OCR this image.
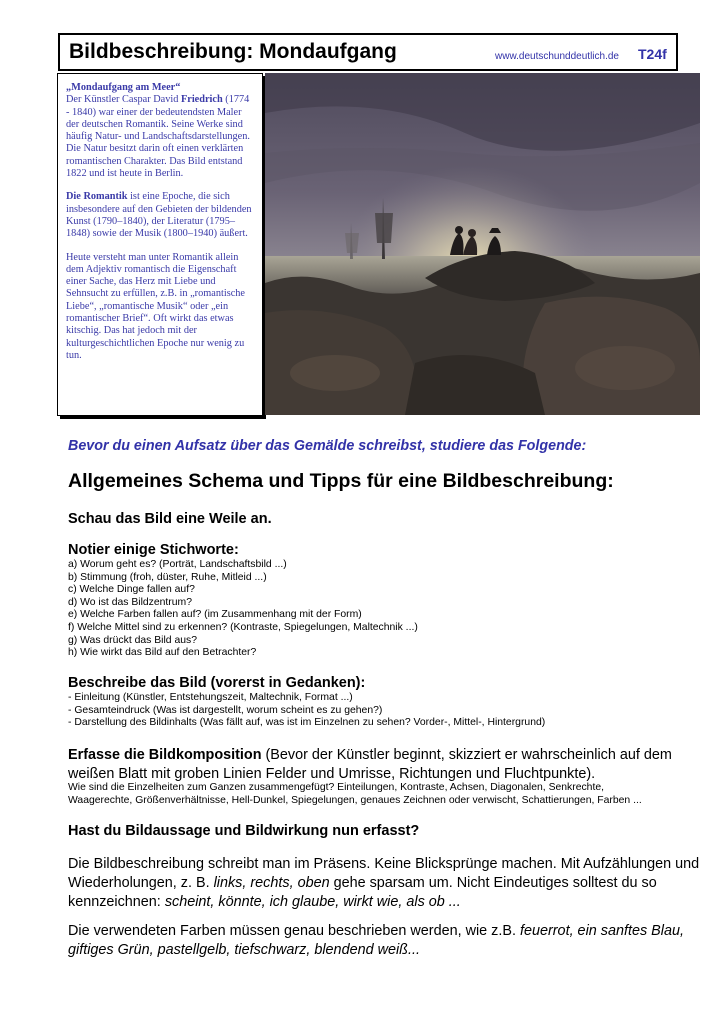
Bildbeschreibung: Mondaufgang	www.deutschunddeutlich.de T24f

„Mondaufgang am Meer“
Der Künstler Caspar David Friedrich (1774 - 1840) war einer der bedeutendsten Maler der deutschen Romantik. Seine Werke sind häufig Natur- und Landschaftsdarstellungen. Die Natur besitzt darin oft einen verklärten romantischen Charakter. Das Bild entstand 1822 und ist heute in Berlin.

Die Romantik ist eine Epoche, die sich insbesondere auf den Gebieten der bildenden Kunst (1790–1840), der Literatur (1795–1848) sowie der Musik (1800–1940) äußert.

Heute versteht man unter Romantik allein dem Adjektiv romantisch die Eigenschaft einer Sache, das Herz mit Liebe und Sehnsucht zu erfüllen, z.B. in „romantische Liebe“, „romantische Musik“ oder „ein romantischer Brief“. Oft wirkt das etwas kitschig. Das hat jedoch mit der kulturgeschichtlichen Epoche nur wenig zu tun.

Bevor du einen Aufsatz über das Gemälde schreibst, studiere das Folgende:
Allgemeines Schema und Tipps für eine Bildbeschreibung:
Schau das Bild eine Weile an.
Notier einige Stichworte:
a) Worum geht es? (Porträt, Landschaftsbild ...)
b) Stimmung (froh, düster, Ruhe, Mitleid ...)
c) Welche Dinge fallen auf?
d) Wo ist das Bildzentrum?
e) Welche Farben fallen auf? (im Zusammenhang mit der Form)
f) Welche Mittel sind zu erkennen? (Kontraste, Spiegelungen, Maltechnik ...)
g) Was drückt das Bild aus?
h) Wie wirkt das Bild auf den Betrachter?
Beschreibe das Bild (vorerst in Gedanken):
- Einleitung (Künstler, Entstehungszeit, Maltechnik, Format ...)
- Gesamteindruck (Was ist dargestellt, worum scheint es zu gehen?)
- Darstellung des Bildinhalts (Was fällt auf, was ist im Einzelnen zu sehen? Vorder-, Mittel-, Hintergrund)
Erfasse die Bildkomposition (Bevor der Künstler beginnt, skizziert er wahrscheinlich auf dem
weißen Blatt mit groben Linien Felder und Umrisse, Richtungen und Fluchtpunkte).
Wie sind die Einzelheiten zum Ganzen zusammengefügt? Einteilungen, Kontraste, Achsen, Diagonalen, Senkrechte,
Waagerechte, Größenverhältnisse, Hell-Dunkel, Spiegelungen, genaues Zeichnen oder verwischt, Schattierungen, Farben ...
Hast du Bildaussage und Bildwirkung nun erfasst?
Die Bildbeschreibung schreibt man im Präsens. Keine Blicksprünge machen. Mit Aufzählungen und Wiederholungen, z. B. links, rechts, oben gehe sparsam um. Nicht Eindeutiges solltest du so kennzeichnen: scheint, könnte, ich glaube, wirkt wie, als ob ...
Die verwendeten Farben müssen genau beschrieben werden, wie z.B. feuerrot, ein sanftes Blau, giftiges Grün, pastellgelb, tiefschwarz, blendend weiß...
